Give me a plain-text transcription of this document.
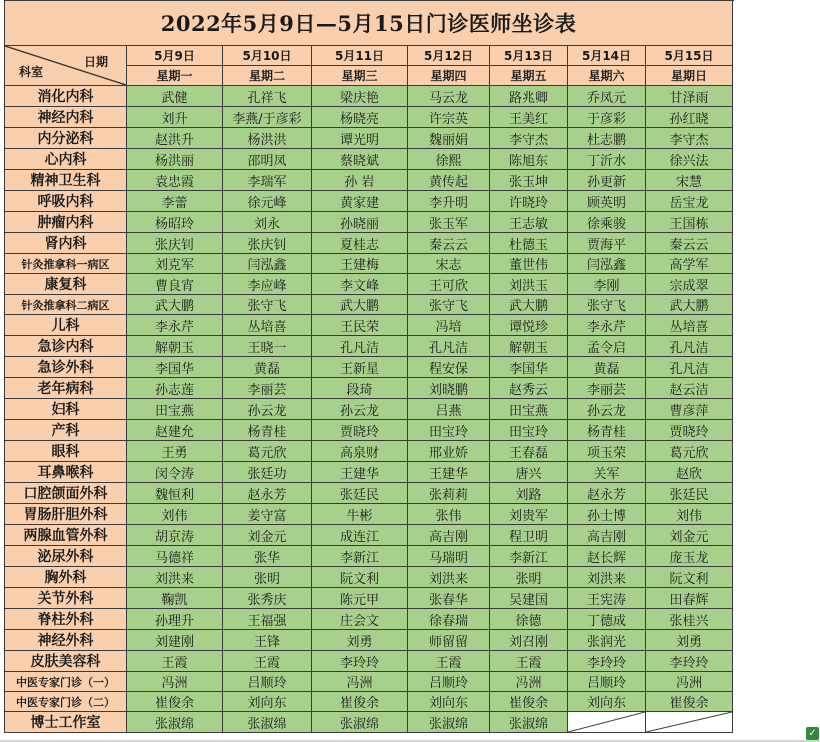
2022年5月9日—5月15日门诊医师坐诊表								

科室
日期	5月9日	5月10日	5月11日	5月12日	5月13日	5月14日	5月15日	
	星期一	星期二	星期三	星期四	星期五	星期六	星期日	
消化内科	武健	孔祥飞	梁庆艳	马云龙	路兆卿	乔凤元	甘泽雨	
神经内科	刘升	李燕/于彦彩	杨晓亮	许宗英	王美红	于彦彩	孙红晓	
内分泌科	赵洪升	杨洪洪	谭光明	魏丽娟	李守杰	杜志鹏	李守杰	
心内科	杨洪丽	邵明凤	蔡晓斌	徐熙	陈旭东	丁沂水	徐兴法	
精神卫生科	袁忠霞	李瑞军	孙 岩	黄传起	张玉坤	孙更新	宋慧	
呼吸内科	李蕾	徐元峰	黄家建	李升明	许晓玲	顾英明	岳宝龙	
肿瘤内科	杨昭玲	刘永	孙晓丽	张玉军	王志敏	徐乘骏	王国栋	
肾内科	张庆钊	张庆钊	夏桂志	秦云云	杜德玉	贾海平	秦云云	
针灸推拿科一病区	刘克军	闫泓鑫	王建梅	宋志	董世伟	闫泓鑫	高学军	
康复科	曹良宵	李应峰	李文峰	王可欣	刘洪玉	李刚	宗成翠	
针灸推拿科二病区	武大鹏	张守飞	武大鹏	张守飞	武大鹏	张守飞	武大鹏	
儿科	李永芹	丛培喜	王民荣	冯培	谭悦珍	李永芹	丛培喜	
急诊内科	解朝玉	王晓一	孔凡洁	孔凡洁	解朝玉	孟令启	孔凡洁	
急诊外科	李国华	黄磊	王新星	程安保	李国华	黄磊	孔凡洁	
老年病科	孙志莲	李丽芸	段琦	刘晓鹏	赵秀云	李丽芸	赵云洁	
妇科	田宝燕	孙云龙	孙云龙	吕燕	田宝燕	孙云龙	曹彦萍	
产科	赵建允	杨青桂	贾晓玲	田宝玲	田宝玲	杨青桂	贾晓玲	
眼科	王勇	葛元欣	高泉财	邢业娇	王春磊	项玉荣	葛元欣	
耳鼻喉科	闵令涛	张廷功	王建华	王建华	唐兴	关军	赵欣	
口腔颌面外科	魏恒利	赵永芳	张廷民	张莉莉	刘路	赵永芳	张廷民	
胃肠肝胆外科	刘伟	姜守富	牛彬	张伟	刘贵军	孙士博	刘伟	
两腺血管外科	胡京涛	刘金元	成连江	高吉刚	程卫明	高吉刚	刘金元	
泌尿外科	马德祥	张华	李新江	马瑞明	李新江	赵长辉	庞玉龙	
胸外科	刘洪来	张明	阮文利	刘洪来	张明	刘洪来	阮文利	
关节外科	鞠凯	张秀庆	陈元甲	张春华	吴建国	王宪涛	田春辉	
脊柱外科	孙理升	王福强	庄会文	徐春瑞	徐德	丁德成	张桂兴	
神经外科	刘建刚	王锋	刘勇	师留留	刘召刚	张润光	刘勇	
皮肤美容科	王霞	王霞	李玲玲	王霞	王霞	李玲玲	李玲玲	
中医专家门诊（一）	冯洲	吕顺玲	冯洲	吕顺玲	冯洲	吕顺玲	冯洲	
中医专家门诊（二）	崔俊余	刘向东	崔俊余	刘向东	崔俊余	刘向东	崔俊余	
博士工作室	张淑绵	张淑绵	张淑绵	张淑绵	张淑绵	

✓
